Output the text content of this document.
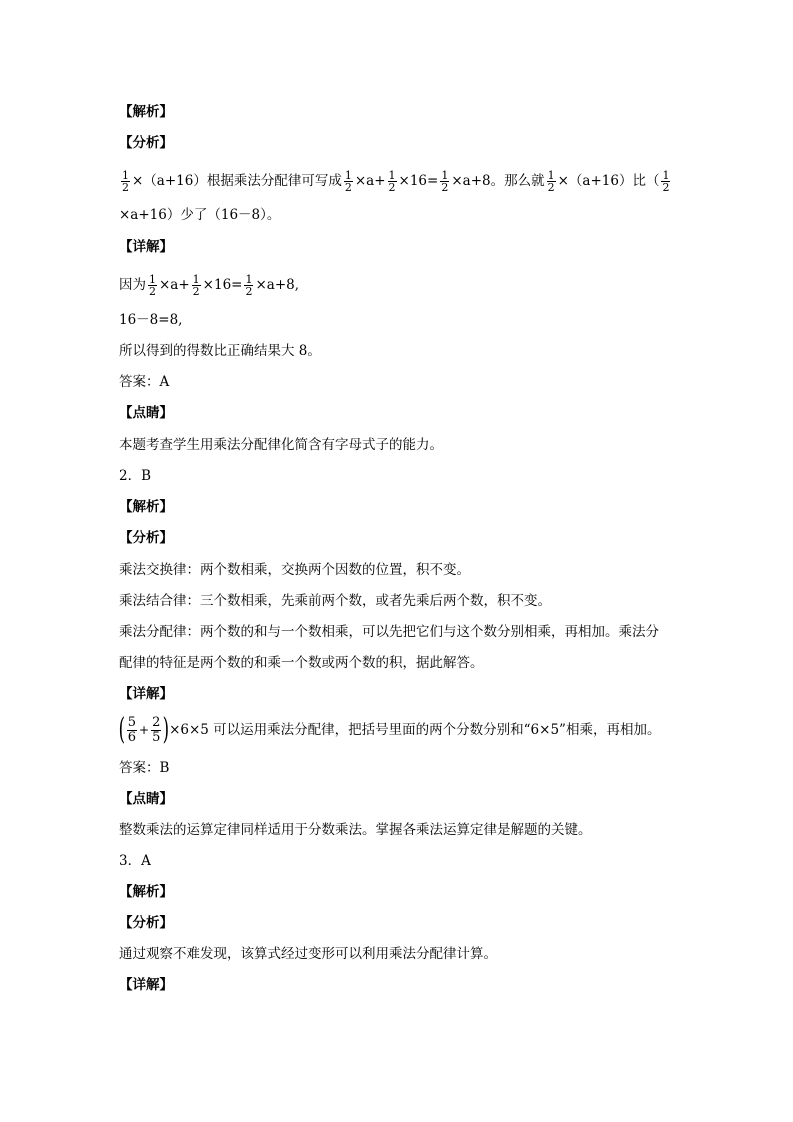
【解析】
【分析】
$\frac{1}{2} \times(a+16)$根据乘法分配律可写成 $\frac{1}{2} \times a+ \frac{1}{2} \times 16= \frac{1}{2} \times a+8$。那么就 $\frac{1}{2} \times(a+16)$比（ $\frac{1}{2}$
×a+16）少了（16－8）。
【详解】
因为 $\frac{1}{2} \times a+ \frac{1}{2} \times 16= \frac{1}{2} \times a+8$,
16－8=8,
所以得到的得数比正确结果大 8。
答案：A
【点睛】
本题考查学生用乘法分配律化简含有字母式子的能力。
2．B
【解析】
【分析】
乘法交换律：两个数相乘，交换两个因数的位置，积不变。
乘法结合律：三个数相乘，先乘前两个数，或者先乘后两个数，积不变。
乘法分配律：两个数的和与一个数相乘，可以先把它们与这个数分别相乘，再相加。乘法分
配律的特征是两个数的和乘一个数或两个数的积，据此解答。
【详解】
( $\frac{5}{6} + \frac{2}{5}$ ) ×6×5 可以运用乘法分配律，把括号里面的两个分数分别和“6×5”相乘，再相加。
答案：B
【点睛】
整数乘法的运算定律同样适用于分数乘法。掌握各乘法运算定律是解题的关键。
3．A
【解析】
【分析】
通过观察不难发现，该算式经过变形可以利用乘法分配律计算。
【详解】
